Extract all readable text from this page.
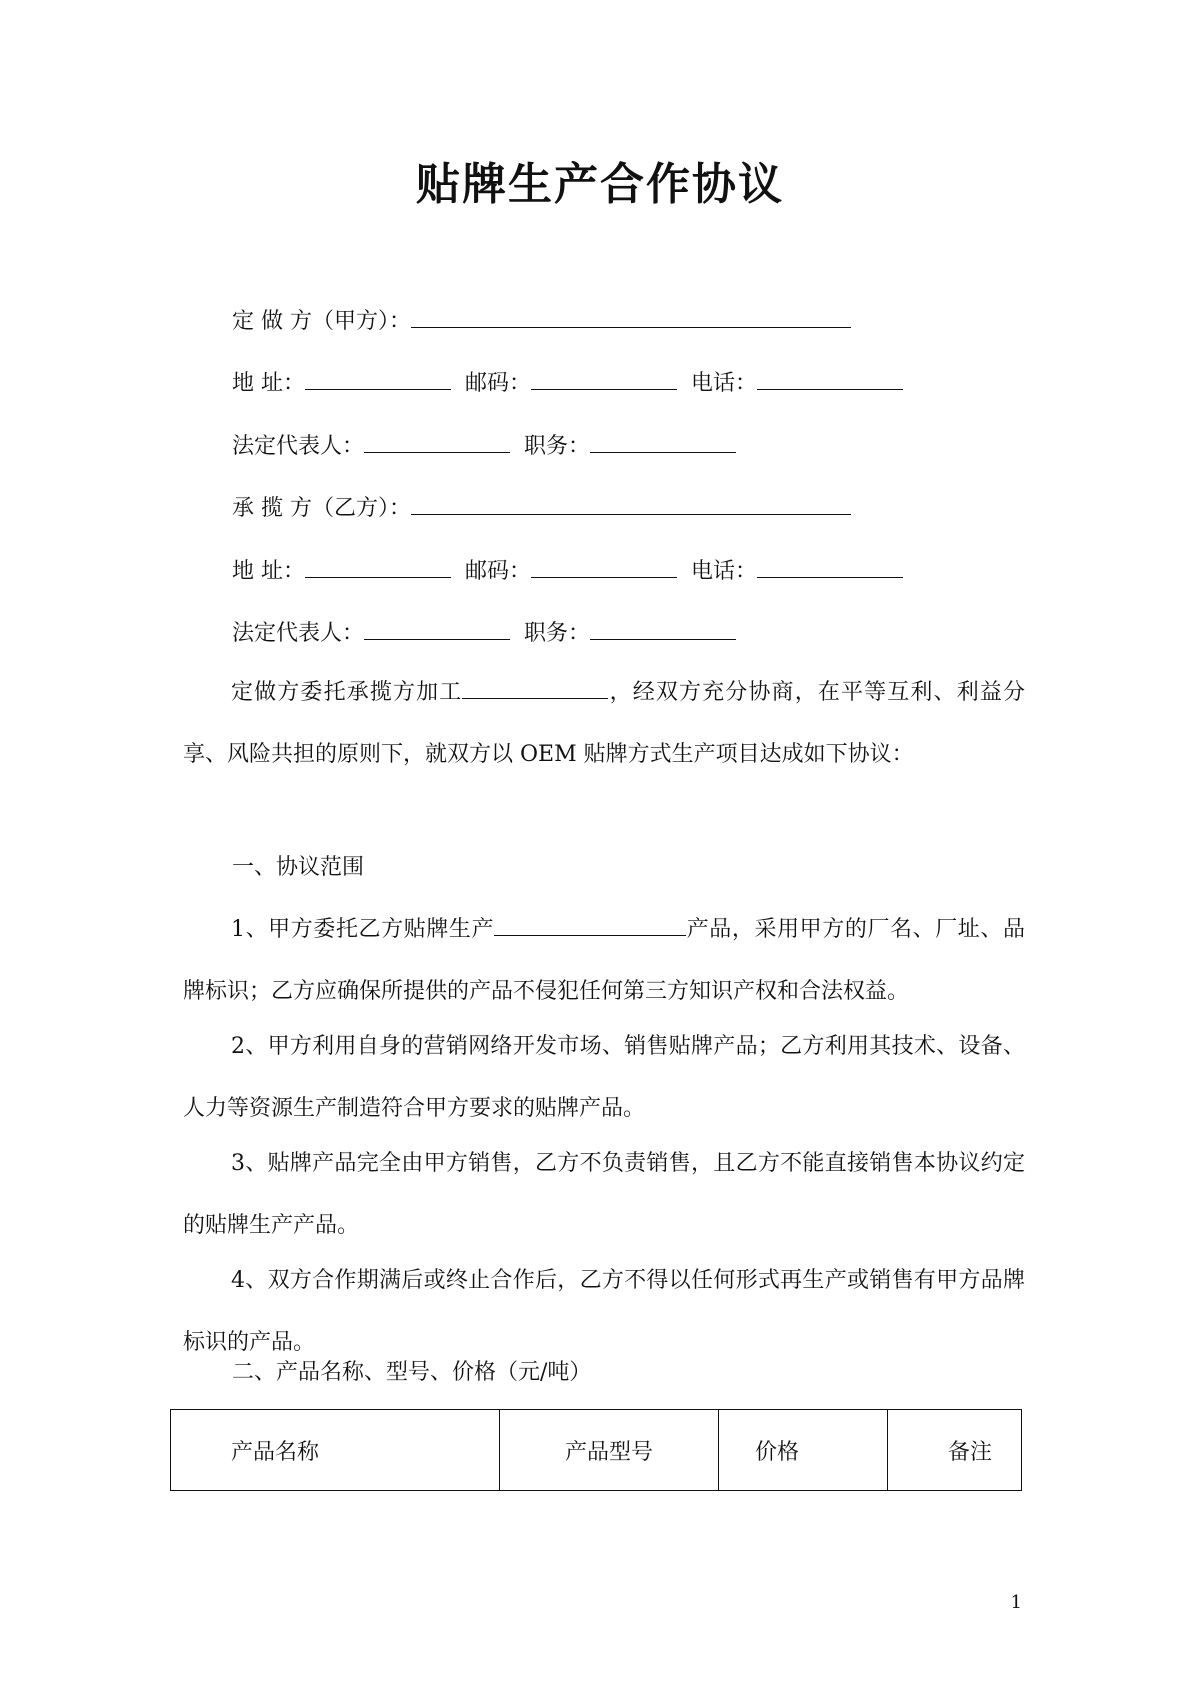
贴牌生产合作协议
定 做 方（甲方）：
地 址：	邮码：	电话：
法定代表人：	职务：
承 揽 方（乙方）：
地 址：	邮码：	电话：
法定代表人：	职务：
定做方委托承揽方加工	，经双方充分协商，在平等互利、利益分享、风险共担的原则下，就双方以 OEM 贴牌方式生产项目达成如下协议：
一、协议范围
1、甲方委托乙方贴牌生产	产品，采用甲方的厂名、厂址、品牌标识；乙方应确保所提供的产品不侵犯任何第三方知识产权和合法权益。
2、甲方利用自身的营销网络开发市场、销售贴牌产品；乙方利用其技术、设备、人力等资源生产制造符合甲方要求的贴牌产品。
3、贴牌产品完全由甲方销售，乙方不负责销售，且乙方不能直接销售本协议约定的贴牌生产产品。
4、双方合作期满后或终止合作后，乙方不得以任何形式再生产或销售有甲方品牌标识的产品。
二、产品名称、型号、价格（元/吨）
产品名称	产品型号	价格	备注
1
